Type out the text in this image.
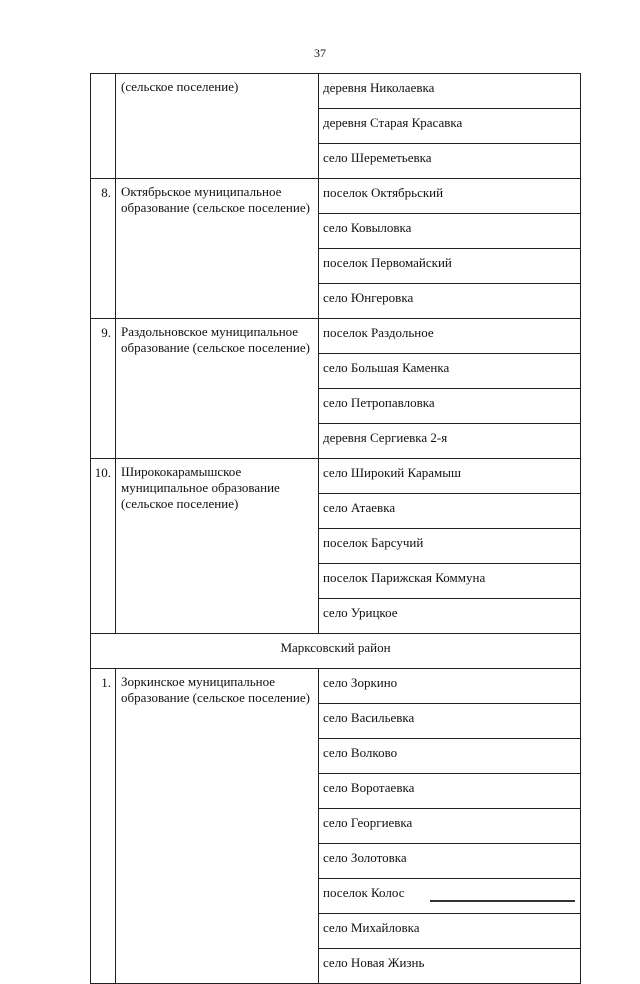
37
	(сельское поселение)	деревня Николаевка
		деревня Старая Красавка
		село Шереметьевка
8.	Октябрьское муниципальное образование (сельское поселение)	поселок Октябрьский
		село Ковыловка
		поселок Первомайский
		село Юнгеровка
9.	Раздольновское муниципальное образование (сельское поселение)	поселок Раздольное
		село Большая Каменка
		село Петропавловка
		деревня Сергиевка 2-я
10.	Ширококарамышское муниципальное образование (сельское поселение)	село Широкий Карамыш
		село Атаевка
		поселок Барсучий
		поселок Парижская Коммуна
		село Урицкое
Марксовский район		
1.	Зоркинское муниципальное образование (сельское поселение)	село Зоркино
		село Васильевка
		село Волково
		село Воротаевка
		село Георгиевка
		село Золотовка
		поселок Колос
		село Михайловка
		село Новая Жизнь
